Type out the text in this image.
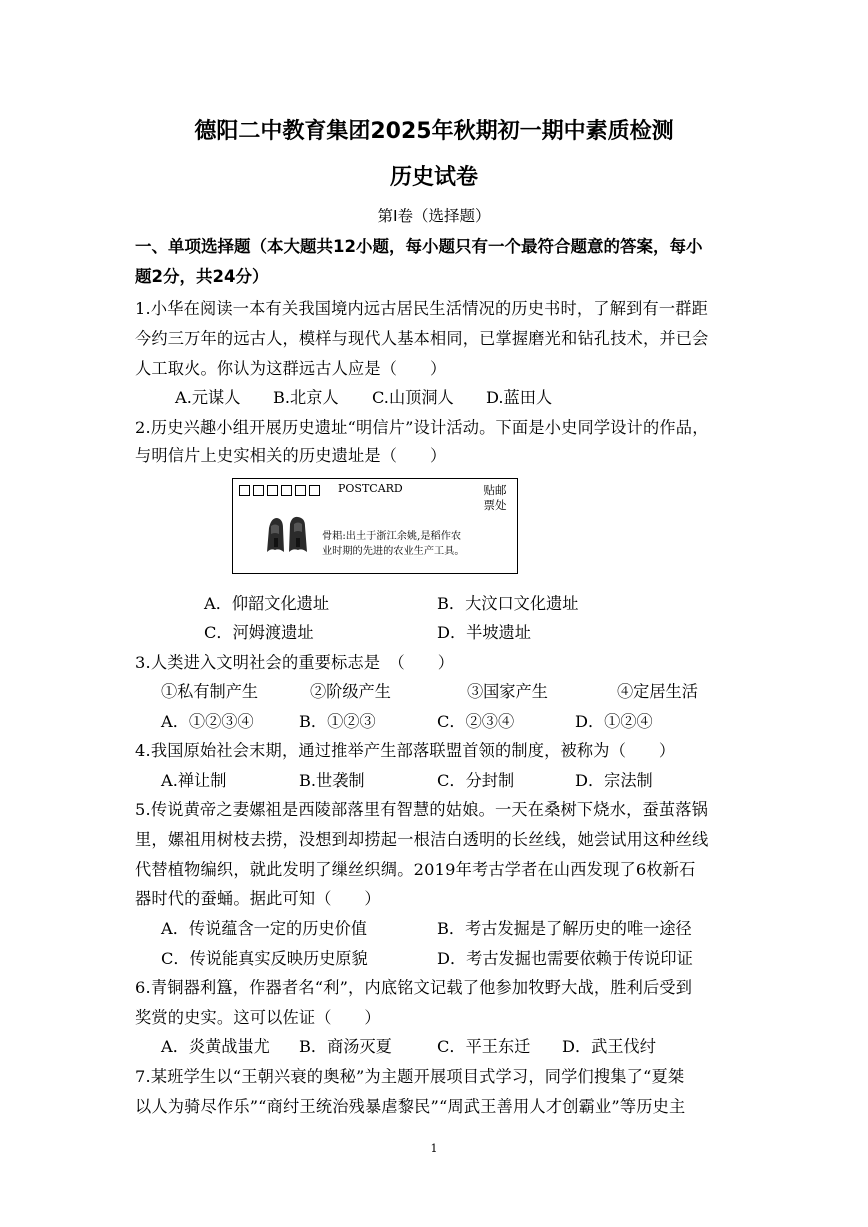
德阳二中教育集团2025年秋期初一期中素质检测
历史试卷
第Ⅰ卷（选择题）
一、单项选择题（本大题共12小题，每小题只有一个最符合题意的答案，每小
题2分，共24分）
1.小华在阅读一本有关我国境内远古居民生活情况的历史书时，了解到有一群距
今约三万年的远古人，模样与现代人基本相同，已掌握磨光和钻孔技术，并已会
人工取火。你认为这群远古人应是（　　）
A.元谋人 B.北京人 C.山顶洞人 D.蓝田人
2.历史兴趣小组开展历史遗址“明信片”设计活动。下面是小史同学设计的作品，
与明信片上史实相关的历史遗址是（　　）
POSTCARD	贴邮票处
骨耜:出土于浙江余姚,是稻作农
业时期的先进的农业生产工具。
A．仰韶文化遗址	B．大汶口文化遗址
C．河姆渡遗址	D．半坡遗址
3.人类进入文明社会的重要标志是　（　　）
①私有制产生	②阶级产生	③国家产生	④定居生活
A．①②③④	B．①②③	C．②③④	D．①②④
4.我国原始社会末期，通过推举产生部落联盟首领的制度，被称为（　　）
A.禅让制	B.世袭制	C．分封制	D．宗法制
5.传说黄帝之妻嫘祖是西陵部落里有智慧的姑娘。一天在桑树下烧水，蚕茧落锅
里，嫘祖用树枝去捞，没想到却捞起一根洁白透明的长丝线，她尝试用这种丝线
代替植物编织，就此发明了缫丝织绸。2019年考古学者在山西发现了6枚新石
器时代的蚕蛹。据此可知（　　）
A．传说蕴含一定的历史价值	B．考古发掘是了解历史的唯一途径
C．传说能真实反映历史原貌	D．考古发掘也需要依赖于传说印证
6.青铜器利簋，作器者名“利”，内底铭文记载了他参加牧野大战，胜利后受到
奖赏的史实。这可以佐证（　　）
A．炎黄战蚩尤 B．商汤灭夏	C．平王东迁 D．武王伐纣
7.某班学生以“王朝兴衰的奥秘”为主题开展项目式学习，同学们搜集了“夏桀
以人为骑尽作乐”“商纣王统治残暴虐黎民”“周武王善用人才创霸业”等历史主
1
